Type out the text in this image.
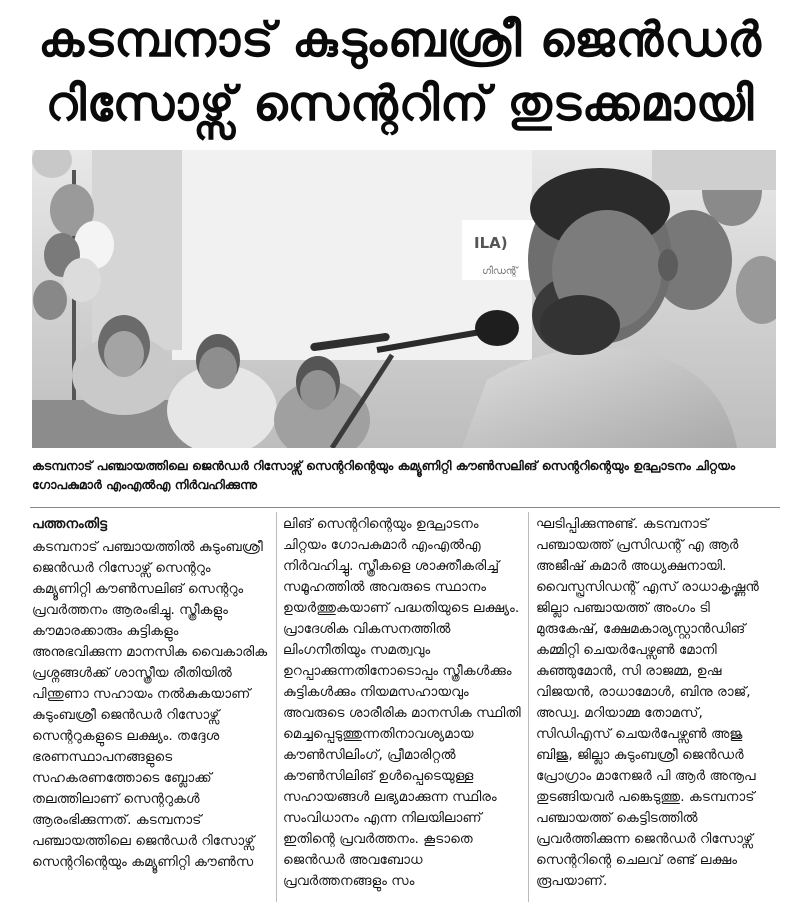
കടമ്പനാട് കുടുംബശ്രീ ജെൻഡർ
റിസോഴ്സ് സെന്ററിന് തുടക്കമായി
ILA)
ഗിഡന്റ്
കടമ്പനാട് പഞ്ചായത്തിലെ ജെൻഡർ റിസോഴ്സ് സെന്ററിന്റെയും കമ്യൂണിറ്റി കൗൺസലിങ് സെന്ററിന്റെയും ഉദ്ഘാടനം ചിറ്റയം ഗോപകുമാർ എംഎൽഎ നിർവഹിക്കുന്നു
പത്തനംതിട്ട
കടമ്പനാട് പഞ്ചായത്തിൽ കുടുംബശ്രീ ജെൻഡർ റിസോഴ്സ് സെന്ററും കമ്യൂണിറ്റി കൗൺസലിങ് സെന്ററും പ്രവർത്തനം ആരംഭിച്ചു. സ്ത്രീകളും കൗമാരക്കാരും കുട്ടികളും അനുഭവിക്കുന്ന മാനസിക വൈകാരിക പ്രശ്നങ്ങൾക്ക് ശാസ്ത്രീയ രീതിയിൽ പിന്തുണാ സഹായം നൽകുകയാണ് കുടുംബശ്രീ ജെൻഡർ റിസോഴ്സ് സെന്ററുകളുടെ ലക്ഷ്യം. തദ്ദേശ ഭരണസ്ഥാപനങ്ങളുടെ സഹകരണത്തോടെ ബ്ലോക്ക് തലത്തിലാണ് സെന്ററുകൾ ആരംഭിക്കുന്നത്. കടമ്പനാട് പഞ്ചായത്തിലെ ജെൻഡർ റിസോഴ്സ് സെന്ററിന്റെയും കമ്യൂണിറ്റി കൗൺസ
ലിങ് സെന്ററിന്റെയും ഉദ്ഘാടനം ചിറ്റയം ഗോപകുമാർ എംഎൽഎ നിർവഹിച്ചു. സ്ത്രീകളെ ശാക്തീകരിച്ച് സമൂഹത്തിൽ അവരുടെ സ്ഥാനം ഉയർത്തുകയാണ് പദ്ധതിയുടെ ലക്ഷ്യം. പ്രാദേശിക വികസനത്തിൽ ലിംഗനീതിയും സമത്വവും ഉറപ്പാക്കുന്നതിനോടൊപ്പം സ്ത്രീകൾക്കും കുട്ടികൾക്കും നിയമസഹായവും അവരുടെ ശാരീരിക മാനസിക സ്ഥിതി മെച്ചപ്പെടുത്തുന്നതിനാവശ്യമായ കൗൺസിലിംഗ്, പ്രീമാരിറ്റൽ കൗൺസിലിങ് ഉൾപ്പെടെയുള്ള സഹായങ്ങൾ ലഭ്യമാക്കുന്ന സ്ഥിരം സംവിധാനം എന്ന നിലയിലാണ് ഇതിന്റെ പ്രവർത്തനം. കൂടാതെ ജെൻഡർ അവബോധ പ്രവർത്തനങ്ങളും സം
ഘടിപ്പിക്കുന്നുണ്ട്. കടമ്പനാട് പഞ്ചായത്ത് പ്രസിഡന്റ് എ ആർ അജീഷ് കുമാർ അധ്യക്ഷനായി. വൈസ്പ്രസിഡന്റ് എസ് രാധാകൃഷ്ണൻ ജില്ലാ പഞ്ചായത്ത് അംഗം ടി മുരുകേഷ്, ക്ഷേമകാര്യസ്റ്റാൻഡിങ് കമ്മിറ്റി ചെയർപേഴ്സൺ മോനി കുഞ്ഞുമോൻ, സി രാജമ്മ, ഉഷ വിജയൻ, രാധാമോൾ, ബിനു രാജ്, അഡ്വ. മറിയാമ്മ തോമസ്, സിഡിഎസ് ചെയർപേഴ്സൺ അജു ബിജു, ജില്ലാ കുടുംബശ്രീ ജെൻഡർ പ്രോഗ്രാം മാനേജർ പി ആർ അനൂപ തുടങ്ങിയവർ പങ്കെടുത്തു. കടമ്പനാട് പഞ്ചായത്ത് കെട്ടിടത്തിൽ പ്രവർത്തിക്കുന്ന ജെൻഡർ റിസോഴ്സ് സെന്ററിന്റെ ചെലവ് രണ്ട് ലക്ഷം രൂപയാണ്.
